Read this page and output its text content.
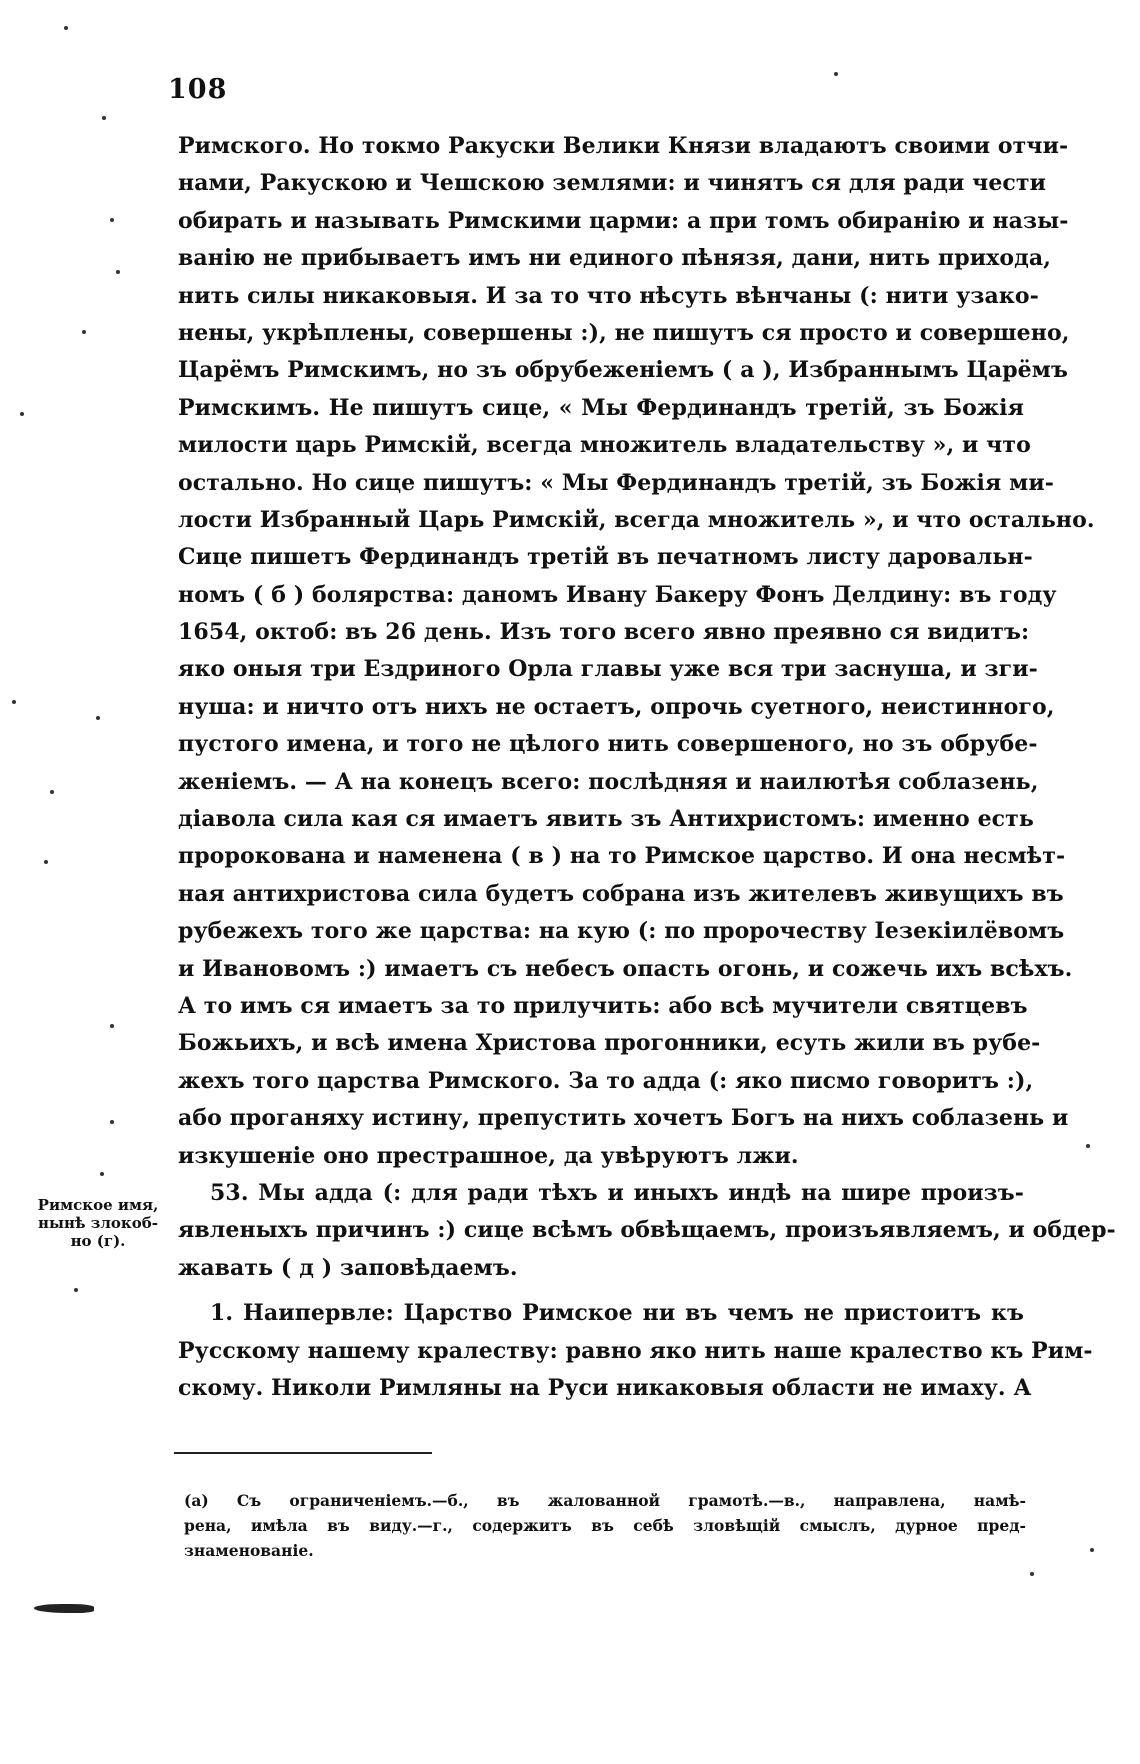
108
Римского. Но токмо Ракуски Велики Князи владаютъ своими отчи-
нами, Ракускою и Чешскою землями: и чинятъ ся для ради чести
обирать и называть Римскими царми: а при томъ обиранію и назы-
ванію не прибываетъ имъ ни единого пѣнязя, дани, нить прихода,
нить силы никаковыя. И за то что нѣсуть вѣнчаны (: нити узако-
нены, укрѣплены, совершены :), не пишутъ ся просто и совершено,
Царёмъ Римскимъ, но зъ обрубеженіемъ ( а ), Избраннымъ Царёмъ
Римскимъ. Не пишутъ сице, « Мы Фердинандъ третій, зъ Божія
милости царь Римскій, всегда множитель владательству », и что
остально. Но сице пишутъ: « Мы Фердинандъ третій, зъ Божія ми-
лости Избранный Царь Римскій, всегда множитель », и что остально.
Сице пишетъ Фердинандъ третій въ печатномъ листу даровальн-
номъ ( б ) болярства: даномъ Ивану Бакеру Фонъ Делдину: въ году
1654, октоб: въ 26 день. Изъ того всего явно преявно ся видитъ:
яко оныя три Ездриного Орла главы уже вся три заснуша, и зги-
нуша: и ничто отъ нихъ не остаетъ, опрочь суетного, неистинного,
пустого имена, и того не цѣлого нить совершеного, но зъ обрубе-
женіемъ. — А на конецъ всего: послѣдняя и наилютѣя соблазень,
діавола сила кая ся имаетъ явить зъ Антихристомъ: именно есть
пророкована и наменена ( в ) на то Римское царство. И она несмѣт-
ная антихристова сила будетъ собрана изъ жителевъ живущихъ въ
рубежехъ того же царства: на кую (: по пророчеству Іезекіилёвомъ
и Ивановомъ :) имаетъ съ небесъ опасть огонь, и сожечь ихъ всѣхъ.
А то имъ ся имаетъ за то прилучить: або всѣ мучители святцевъ
Божьихъ, и всѣ имена Христова прогонники, есуть жили въ рубе-
жехъ того царства Римского. За то адда (: яко писмо говоритъ :),
або проганяху истину, препустить хочетъ Богъ на нихъ соблазень и
изкушеніе оно престрашное, да увѣруютъ лжи.
53. Мы адда (: для ради тѣхъ и иныхъ индѣ на шире произъ-
явленыхъ причинъ :) сице всѣмъ обвѣщаемъ, произъявляемъ, и обдер-
жавать ( д ) заповѣдаемъ.
1. Наипервле: Царство Римское ни въ чемъ не пристоитъ къ
Русскому нашему кралеству: равно яко нить наше кралество къ Рим-
скому. Николи Римляны на Руси никаковыя области не имаху. А
Римское имя,
нынѣ злокоб-
но (г).
(а) Съ ограниченіемъ.—б., въ жалованной грамотѣ.—в., направлена, намѣ-
рена, имѣла въ виду.—г., содержитъ въ себѣ зловѣщій смыслъ, дурное пред-
знаменованіе.
